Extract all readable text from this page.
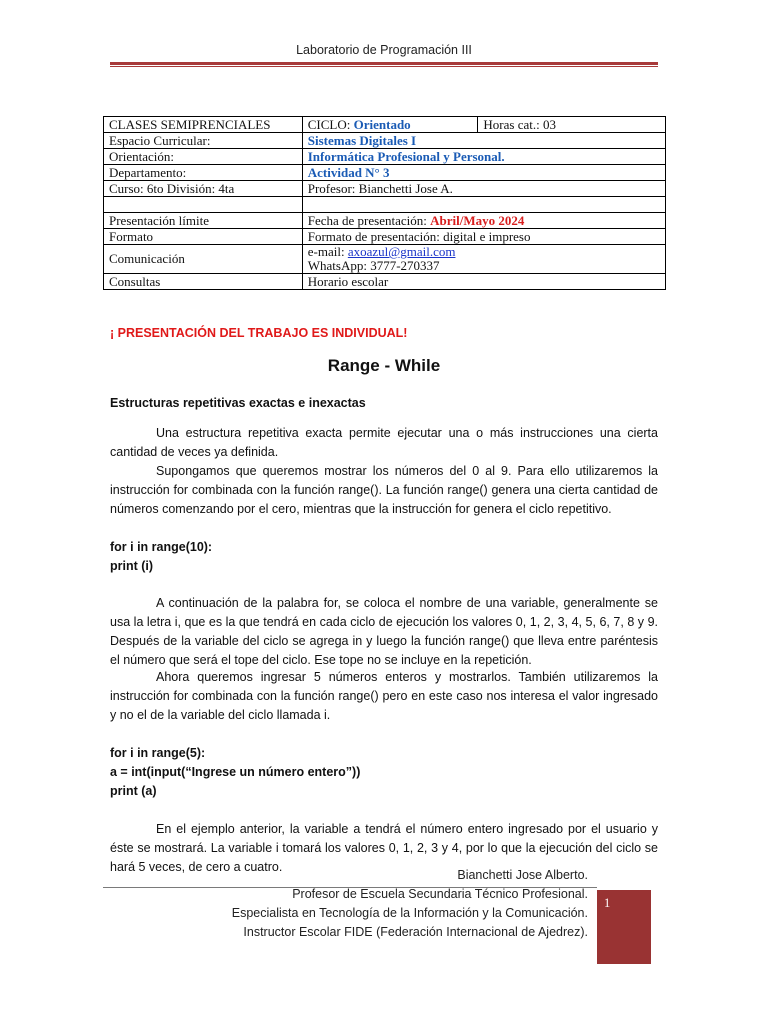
Laboratorio de Programación III
CLASES SEMIPRENCIALES	CICLO: Orientado	Horas cat.: 03
Espacio Curricular:	Sistemas Digitales I	
Orientación:	Informática Profesional y Personal.	
Departamento:	Actividad N° 3	
Curso: 6to División: 4ta	Profesor: Bianchetti Jose A.	

Presentación límite	Fecha de presentación: Abril/Mayo 2024	
Formato	Formato de presentación: digital e impreso	
Comunicación	e-mail: axoazul@gmail.com
WhatsApp: 3777-270337	

Consultas	Horario escolar	
¡ PRESENTACIÓN DEL TRABAJO ES INDIVIDUAL!
Range - While
Estructuras repetitivas exactas e inexactas

Una estructura repetitiva exacta permite ejecutar una o más instrucciones una cierta cantidad de veces ya definida.

Supongamos que queremos mostrar los números del 0 al 9. Para ello utilizaremos la instrucción for combinada con la función range(). La función range() genera una cierta cantidad de números comenzando por el cero, mientras que la instrucción for genera el ciclo repetitivo.

for i in range(10):
print (i)

A continuación de la palabra for, se coloca el nombre de una variable, generalmente se usa la letra i, que es la que tendrá en cada ciclo de ejecución los valores 0, 1, 2, 3, 4, 5, 6, 7, 8 y 9. Después de la variable del ciclo se agrega in y luego la función range() que lleva entre paréntesis el número que será el tope del ciclo. Ese tope no se incluye en la repetición.

Ahora queremos ingresar 5 números enteros y mostrarlos. También utilizaremos la instrucción for combinada con la función range() pero en este caso nos interesa el valor ingresado y no el de la variable del ciclo llamada i.

for i in range(5):
a = int(input(“Ingrese un número entero”))
print (a)

En el ejemplo anterior, la variable a tendrá el número entero ingresado por el usuario y éste se mostrará. La variable i tomará los valores 0, 1, 2, 3 y 4, por lo que la ejecución del ciclo se hará 5 veces, de cero a cuatro.

Bianchetti Jose Alberto.
Profesor de Escuela Secundaria Técnico Profesional.
Especialista en Tecnología de la Información y la Comunicación.
Instructor Escolar FIDE (Federación Internacional de Ajedrez).
1
